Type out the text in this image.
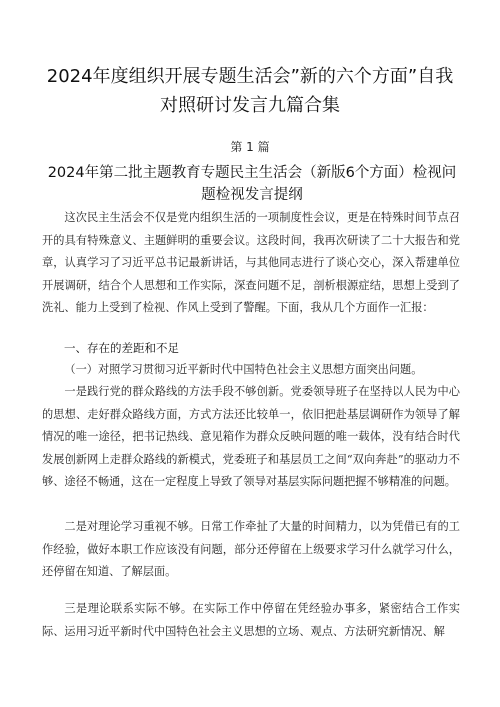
2024年度组织开展专题生活会”新的六个方面”自我对照研讨发言九篇合集
第 1 篇
2024年第二批主题教育专题民主生活会（新版6个方面）检视问题检视发言提纲
这次民主生活会不仅是党内组织生活的一项制度性会议，更是在特殊时间节点召开的具有特殊意义、主题鲜明的重要会议。这段时间，我再次研读了二十大报告和党章，认真学习了习近平总书记最新讲话，与其他同志进行了谈心交心，深入帮建单位开展调研，结合个人思想和工作实际，深查问题不足，剖析根源症结，思想上受到了洗礼、能力上受到了检视、作风上受到了警醒。下面，我从几个方面作一汇报：
一、存在的差距和不足
（一）对照学习贯彻习近平新时代中国特色社会主义思想方面突出问题。
一是践行党的群众路线的方法手段不够创新。党委领导班子在坚持以人民为中心的思想、走好群众路线方面，方式方法还比较单一，依旧把赴基层调研作为领导了解情况的唯一途径，把书记热线、意见箱作为群众反映问题的唯一载体，没有结合时代发展创新网上走群众路线的新模式，党委班子和基层员工之间“双向奔赴”的驱动力不够、途径不畅通，这在一定程度上导致了领导对基层实际问题把握不够精准的问题。
二是对理论学习重视不够。日常工作牵扯了大量的时间精力，以为凭借已有的工作经验，做好本职工作应该没有问题，部分还停留在上级要求学习什么就学习什么，还停留在知道、了解层面。
三是理论联系实际不够。在实际工作中停留在凭经验办事多，紧密结合工作实际、运用习近平新时代中国特色社会主义思想的立场、观点、方法研究新情况、解
